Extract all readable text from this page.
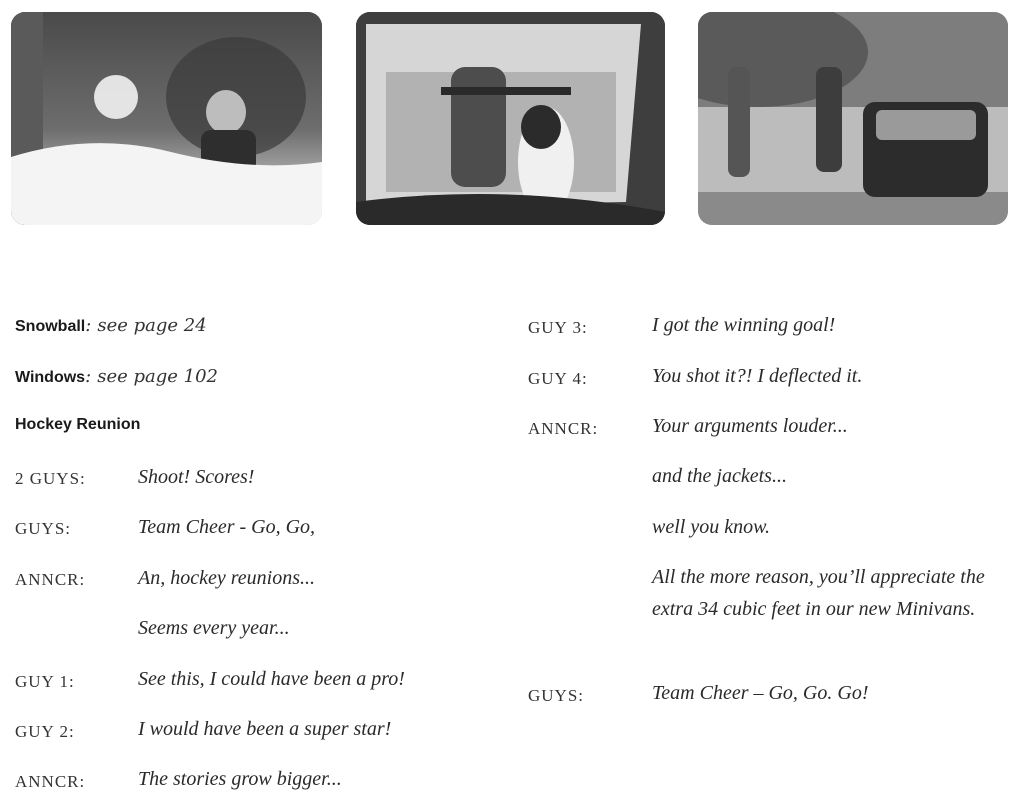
Snowball: see page 24
Windows: see page 102
Hockey Reunion
2 GUYS:	Shoot! Scores!
GUYS:	Team Cheer - Go, Go,
ANNCR:	An, hockey reunions...
Seems every year...
GUY 1:	See this, I could have been a pro!
GUY 2:	I would have been a super star!
ANNCR:	The stories grow bigger...
GUY 3:	I got the winning goal!
GUY 4:	You shot it?! I deflected it.
ANNCR:	Your arguments louder...
and the jackets...
well you know.
All the more reason, you’ll appreciate the extra 34 cubic feet in our new Minivans.
GUYS:	Team Cheer – Go, Go. Go!
